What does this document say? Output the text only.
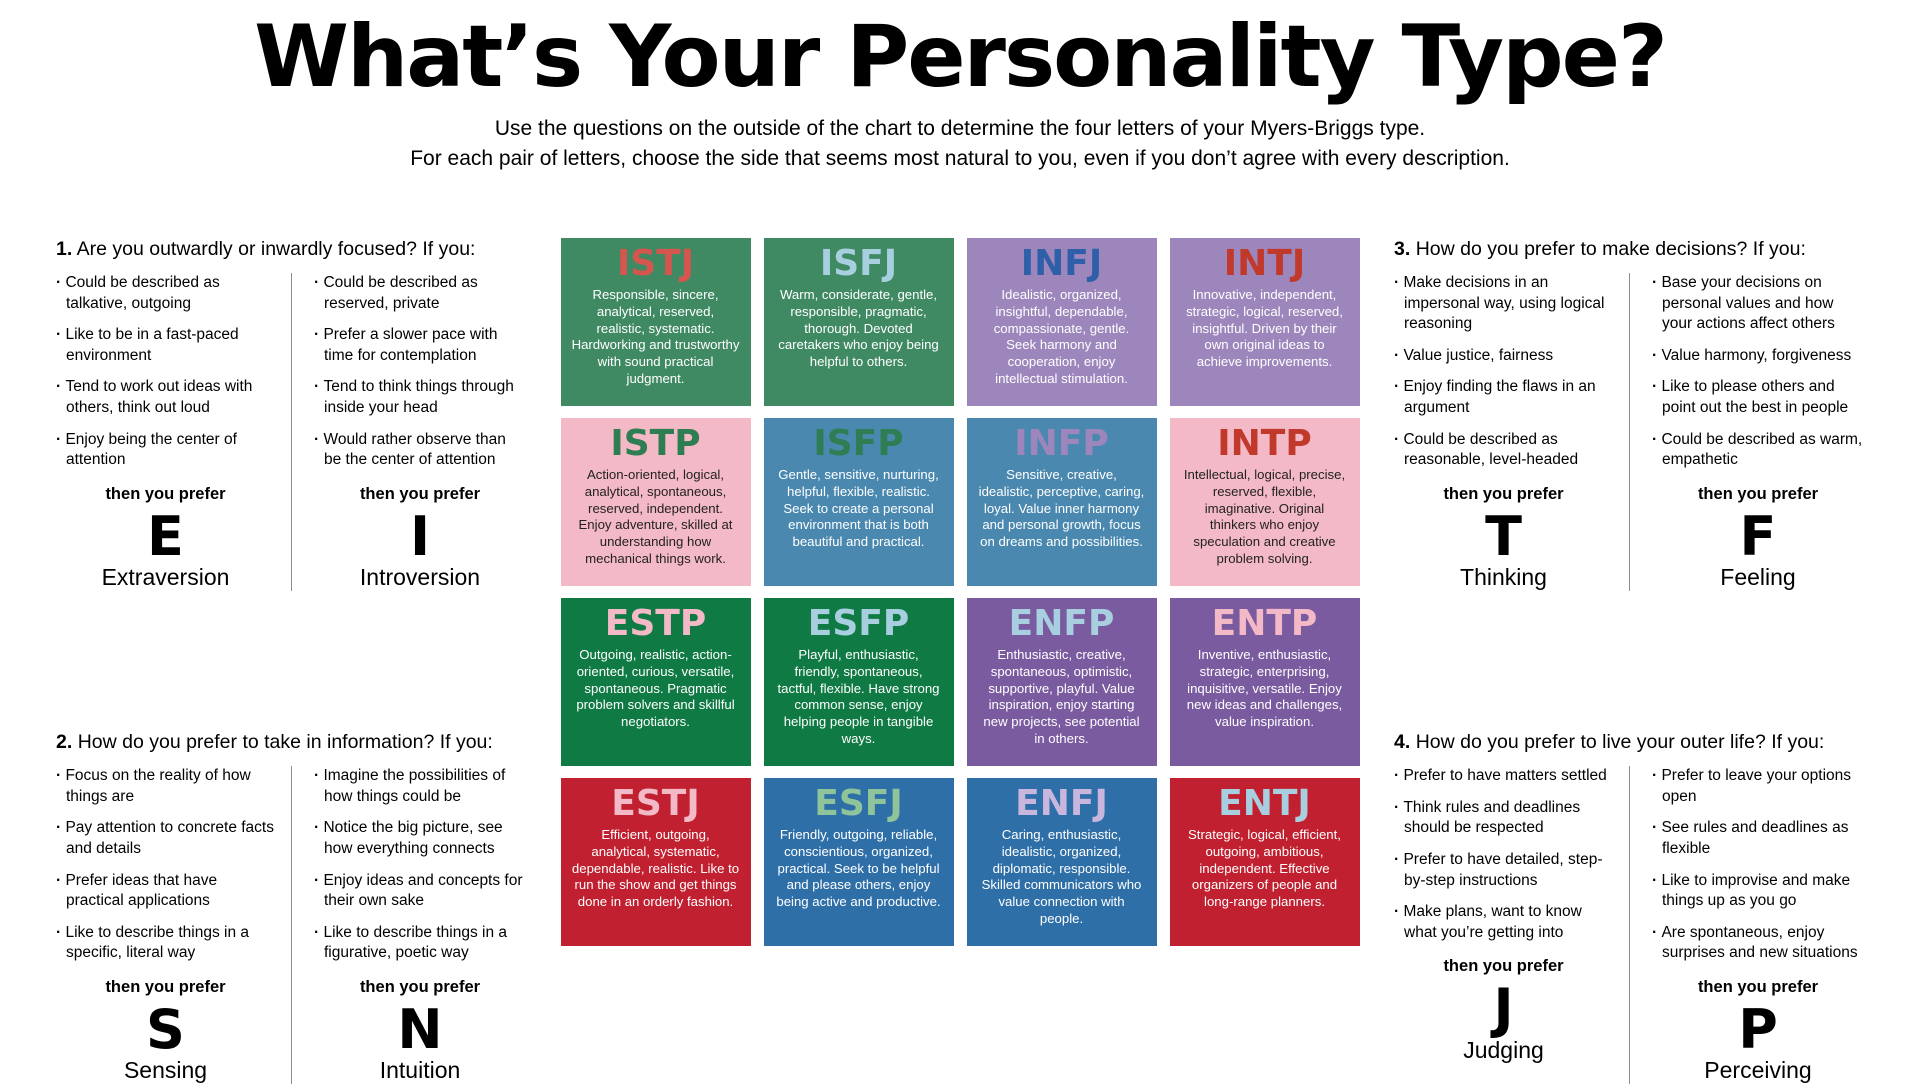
What’s Your Personality Type?
Use the questions on the outside of the chart to determine the four letters of your Myers-Briggs type.
For each pair of letters, choose the side that seems most natural to you, even if you don’t agree with every description.
1. Are you outwardly or inwardly focused? If you:
· Could be described as talkative, outgoing
· Like to be in a fast-paced environment
· Tend to work out ideas with others, think out loud
· Enjoy being the center of attention
then you prefer
E
Extraversion
· Could be described as reserved, private
· Prefer a slower pace with time for contemplation
· Tend to think things through inside your head
· Would rather observe than be the center of attention
then you prefer
I
Introversion
2. How do you prefer to take in information? If you:
· Focus on the reality of how things are
· Pay attention to concrete facts and details
· Prefer ideas that have practical applications
· Like to describe things in a specific, literal way
then you prefer
S
Sensing
· Imagine the possibilities of how things could be
· Notice the big picture, see how everything connects
· Enjoy ideas and concepts for their own sake
· Like to describe things in a figurative, poetic way
then you prefer
N
Intuition
ISTJ
Responsible, sincere, analytical, reserved, realistic, systematic. Hardworking and trustworthy with sound practical judgment.
ISFJ
Warm, considerate, gentle, responsible, pragmatic, thorough. Devoted caretakers who enjoy being helpful to others.
INFJ
Idealistic, organized, insightful, dependable, compassionate, gentle. Seek harmony and cooperation, enjoy intellectual stimulation.
INTJ
Innovative, independent, strategic, logical, reserved, insightful. Driven by their own original ideas to achieve improvements.
ISTP
Action-oriented, logical, analytical, spontaneous, reserved, independent. Enjoy adventure, skilled at understanding how mechanical things work.
ISFP
Gentle, sensitive, nurturing, helpful, flexible, realistic. Seek to create a personal environment that is both beautiful and practical.
INFP
Sensitive, creative, idealistic, perceptive, caring, loyal. Value inner harmony and personal growth, focus on dreams and possibilities.
INTP
Intellectual, logical, precise, reserved, flexible, imaginative. Original thinkers who enjoy speculation and creative problem solving.
ESTP
Outgoing, realistic, action-oriented, curious, versatile, spontaneous. Pragmatic problem solvers and skillful negotiators.
ESFP
Playful, enthusiastic, friendly, spontaneous, tactful, flexible. Have strong common sense, enjoy helping people in tangible ways.
ENFP
Enthusiastic, creative, spontaneous, optimistic, supportive, playful. Value inspiration, enjoy starting new projects, see potential in others.
ENTP
Inventive, enthusiastic, strategic, enterprising, inquisitive, versatile. Enjoy new ideas and challenges, value inspiration.
ESTJ
Efficient, outgoing, analytical, systematic, dependable, realistic. Like to run the show and get things done in an orderly fashion.
ESFJ
Friendly, outgoing, reliable, conscientious, organized, practical. Seek to be helpful and please others, enjoy being active and productive.
ENFJ
Caring, enthusiastic, idealistic, organized, diplomatic, responsible. Skilled communicators who value connection with people.
ENTJ
Strategic, logical, efficient, outgoing, ambitious, independent. Effective organizers of people and long-range planners.
3. How do you prefer to make decisions? If you:
· Make decisions in an impersonal way, using logical reasoning
· Value justice, fairness
· Enjoy finding the flaws in an argument
· Could be described as reasonable, level-headed
then you prefer
T
Thinking
· Base your decisions on personal values and how your actions affect others
· Value harmony, forgiveness
· Like to please others and point out the best in people
· Could be described as warm, empathetic
then you prefer
F
Feeling
4. How do you prefer to live your outer life? If you:
· Prefer to have matters settled
· Think rules and deadlines should be respected
· Prefer to have detailed, step-by-step instructions
· Make plans, want to know what you’re getting into
then you prefer
J
Judging
· Prefer to leave your options open
· See rules and deadlines as flexible
· Like to improvise and make things up as you go
· Are spontaneous, enjoy surprises and new situations
then you prefer
P
Perceiving
